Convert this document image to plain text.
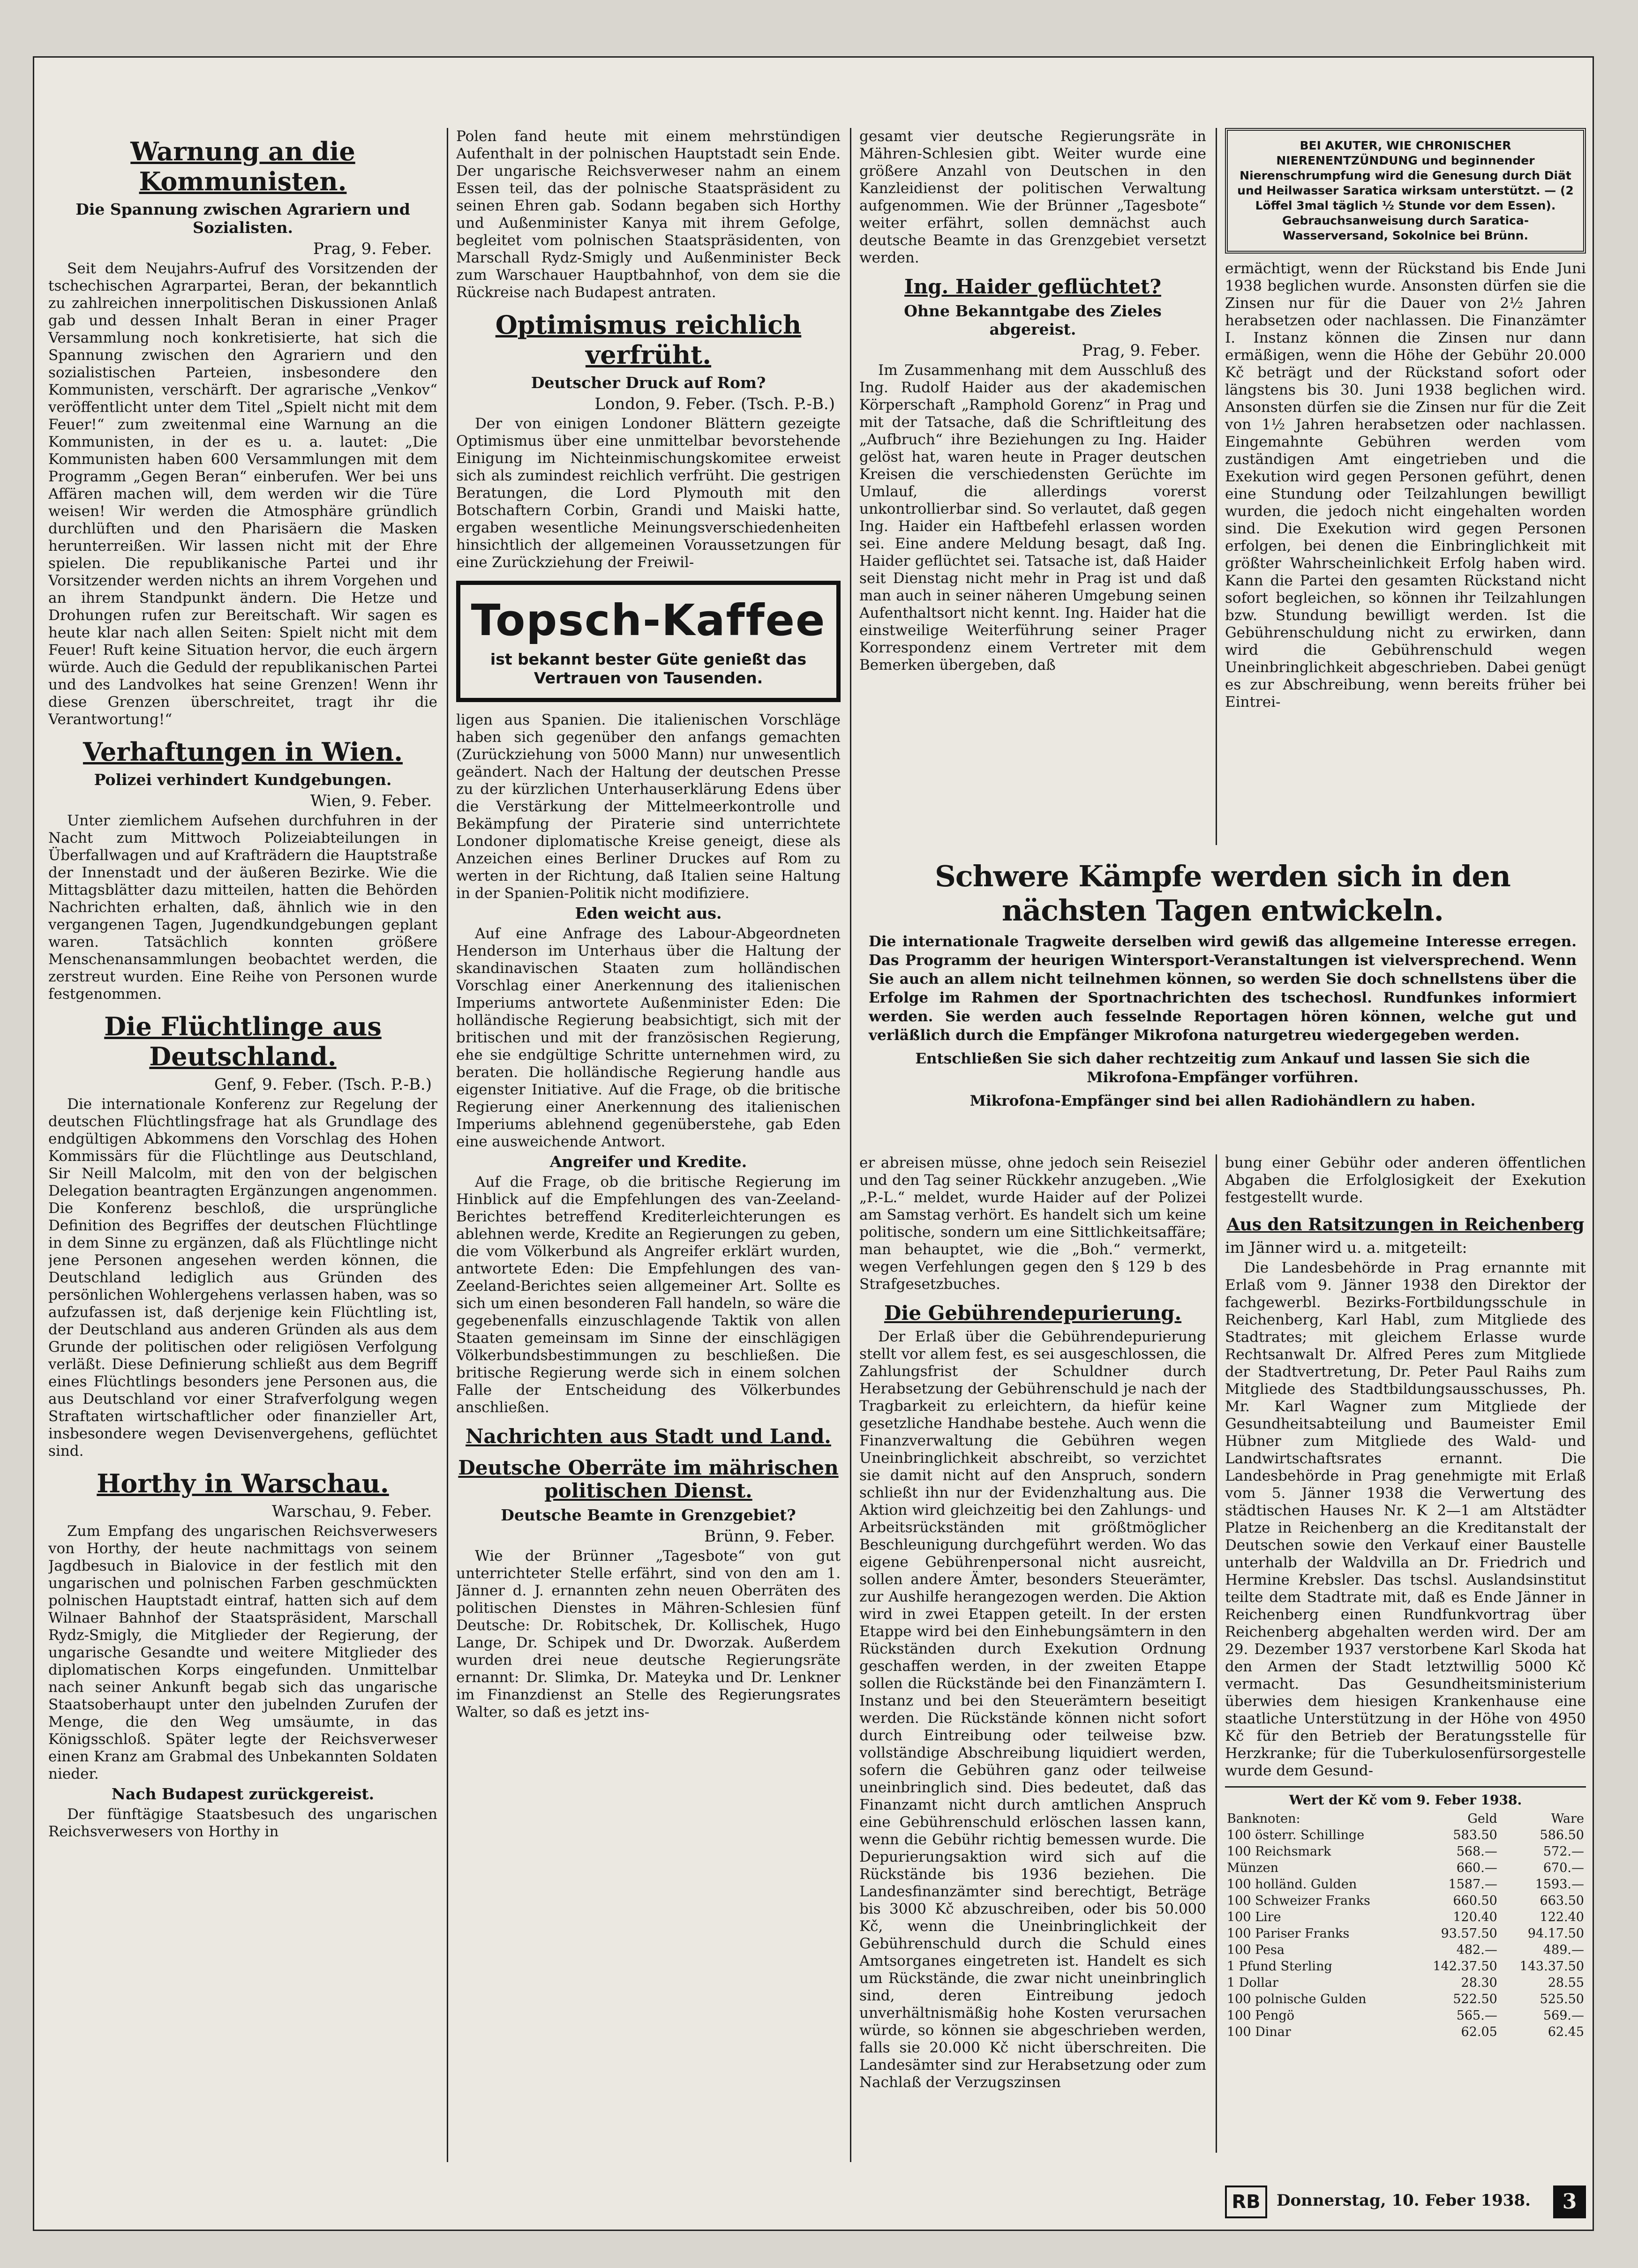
Warnung an die Kommunisten.
Die Spannung zwischen Agrariern und Sozialisten.
Prag, 9. Feber.

Seit dem Neujahrs-Aufruf des Vorsitzenden der tschechischen Agrarpartei, Beran, der bekanntlich zu zahlreichen innerpolitischen Diskussionen Anlaß gab und dessen Inhalt Beran in einer Prager Versammlung noch konkretisierte, hat sich die Spannung zwischen den Agrariern und den sozialistischen Parteien, insbesondere den Kommunisten, verschärft. Der agrarische „Venkov“ veröffentlicht unter dem Titel „Spielt nicht mit dem Feuer!“ zum zweitenmal eine Warnung an die Kommunisten, in der es u. a. lautet: „Die Kommunisten haben 600 Versammlungen mit dem Programm „Gegen Beran“ einberufen. Wer bei uns Affären machen will, dem werden wir die Türe weisen! Wir werden die Atmosphäre gründlich durchlüften und den Pharisäern die Masken herunterreißen. Wir lassen nicht mit der Ehre spielen. Die republikanische Partei und ihr Vorsitzender werden nichts an ihrem Vorgehen und an ihrem Standpunkt ändern. Die Hetze und Drohungen rufen zur Bereitschaft. Wir sagen es heute klar nach allen Seiten: Spielt nicht mit dem Feuer! Ruft keine Situation hervor, die euch ärgern würde. Auch die Geduld der republikanischen Partei und des Landvolkes hat seine Grenzen! Wenn ihr diese Grenzen überschreitet, tragt ihr die Verantwortung!“

Verhaftungen in Wien.
Polizei verhindert Kundgebungen.
Wien, 9. Feber.

Unter ziemlichem Aufsehen durchfuhren in der Nacht zum Mittwoch Polizeiabteilungen in Überfallwagen und auf Krafträdern die Hauptstraße der Innenstadt und der äußeren Bezirke. Wie die Mittagsblätter dazu mitteilen, hatten die Behörden Nachrichten erhalten, daß, ähnlich wie in den vergangenen Tagen, Jugendkundgebungen geplant waren. Tatsächlich konnten größere Menschenansammlungen beobachtet werden, die zerstreut wurden. Eine Reihe von Personen wurde festgenommen.

Die Flüchtlinge aus Deutschland.
Genf, 9. Feber. (Tsch. P.-B.)

Die internationale Konferenz zur Regelung der deutschen Flüchtlingsfrage hat als Grundlage des endgültigen Abkommens den Vorschlag des Hohen Kommissärs für die Flüchtlinge aus Deutschland, Sir Neill Malcolm, mit den von der belgischen Delegation beantragten Ergänzungen angenommen. Die Konferenz beschloß, die ursprüngliche Definition des Begriffes der deutschen Flüchtlinge in dem Sinne zu ergänzen, daß als Flüchtlinge nicht jene Personen angesehen werden können, die Deutschland lediglich aus Gründen des persönlichen Wohlergehens verlassen haben, was so aufzufassen ist, daß derjenige kein Flüchtling ist, der Deutschland aus anderen Gründen als aus dem Grunde der politischen oder religiösen Verfolgung verläßt. Diese Definierung schließt aus dem Begriff eines Flüchtlings besonders jene Personen aus, die aus Deutschland vor einer Strafverfolgung wegen Straftaten wirtschaftlicher oder finanzieller Art, insbesondere wegen Devisenvergehens, geflüchtet sind.

Horthy in Warschau.
Warschau, 9. Feber.

Zum Empfang des ungarischen Reichsverwesers von Horthy, der heute nachmittags von seinem Jagdbesuch in Bialovice in der festlich mit den ungarischen und polnischen Farben geschmückten polnischen Hauptstadt eintraf, hatten sich auf dem Wilnaer Bahnhof der Staatspräsident, Marschall Rydz-Smigly, die Mitglieder der Regierung, der ungarische Gesandte und weitere Mitglieder des diplomatischen Korps eingefunden. Unmittelbar nach seiner Ankunft begab sich das ungarische Staatsoberhaupt unter den jubelnden Zurufen der Menge, die den Weg umsäumte, in das Königsschloß. Später legte der Reichsverweser einen Kranz am Grabmal des Unbekannten Soldaten nieder.

Nach Budapest zurückgereist.

Der fünftägige Staatsbesuch des ungarischen Reichsverwesers von Horthy in

Polen fand heute mit einem mehrstündigen Aufenthalt in der polnischen Hauptstadt sein Ende. Der ungarische Reichsverweser nahm an einem Essen teil, das der polnische Staatspräsident zu seinen Ehren gab. Sodann begaben sich Horthy und Außenminister Kanya mit ihrem Gefolge, begleitet vom polnischen Staatspräsidenten, von Marschall Rydz-Smigly und Außenminister Beck zum Warschauer Hauptbahnhof, von dem sie die Rückreise nach Budapest antraten.

Optimismus reichlich verfrüht.
Deutscher Druck auf Rom?
London, 9. Feber. (Tsch. P.-B.)

Der von einigen Londoner Blättern gezeigte Optimismus über eine unmittelbar bevorstehende Einigung im Nichteinmischungskomitee erweist sich als zumindest reichlich verfrüht. Die gestrigen Beratungen, die Lord Plymouth mit den Botschaftern Corbin, Grandi und Maiski hatte, ergaben wesentliche Meinungsverschiedenheiten hinsichtlich der allgemeinen Voraussetzungen für eine Zurückziehung der Freiwil-

Topsch-Kaffee
ist bekannt bester Güte genießt das Vertrauen von Tausenden.

ligen aus Spanien. Die italienischen Vorschläge haben sich gegenüber den anfangs gemachten (Zurückziehung von 5000 Mann) nur unwesentlich geändert. Nach der Haltung der deutschen Presse zu der kürzlichen Unterhauserklärung Edens über die Verstärkung der Mittelmeerkontrolle und Bekämpfung der Piraterie sind unterrichtete Londoner diplomatische Kreise geneigt, diese als Anzeichen eines Berliner Druckes auf Rom zu werten in der Richtung, daß Italien seine Haltung in der Spanien-Politik nicht modifiziere.

Eden weicht aus.

Auf eine Anfrage des Labour-Abgeordneten Henderson im Unterhaus über die Haltung der skandinavischen Staaten zum holländischen Vorschlag einer Anerkennung des italienischen Imperiums antwortete Außenminister Eden: Die holländische Regierung beabsichtigt, sich mit der britischen und mit der französischen Regierung, ehe sie endgültige Schritte unternehmen wird, zu beraten. Die holländische Regierung handle aus eigenster Initiative. Auf die Frage, ob die britische Regierung einer Anerkennung des italienischen Imperiums ablehnend gegenüberstehe, gab Eden eine ausweichende Antwort.

Angreifer und Kredite.

Auf die Frage, ob die britische Regierung im Hinblick auf die Empfehlungen des van-Zeeland-Berichtes betreffend Krediterleichterungen es ablehnen werde, Kredite an Regierungen zu geben, die vom Völkerbund als Angreifer erklärt wurden, antwortete Eden: Die Empfehlungen des van-Zeeland-Berichtes seien allgemeiner Art. Sollte es sich um einen besonderen Fall handeln, so wäre die gegebenenfalls einzuschlagende Taktik von allen Staaten gemeinsam im Sinne der einschlägigen Völkerbundsbestimmungen zu beschließen. Die britische Regierung werde sich in einem solchen Falle der Entscheidung des Völkerbundes anschließen.

Nachrichten aus Stadt und Land.
Deutsche Oberräte im mährischen politischen Dienst.
Deutsche Beamte in Grenzgebiet?
Brünn, 9. Feber.

Wie der Brünner „Tagesbote“ von gut unterrichteter Stelle erfährt, sind von den am 1. Jänner d. J. ernannten zehn neuen Oberräten des politischen Dienstes in Mähren-Schlesien fünf Deutsche: Dr. Robitschek, Dr. Kollischek, Hugo Lange, Dr. Schipek und Dr. Dworzak. Außerdem wurden drei neue deutsche Regierungsräte ernannt: Dr. Slimka, Dr. Mateyka und Dr. Lenkner im Finanzdienst an Stelle des Regierungsrates Walter, so daß es jetzt ins-

gesamt vier deutsche Regierungsräte in Mähren-Schlesien gibt. Weiter wurde eine größere Anzahl von Deutschen in den Kanzleidienst der politischen Verwaltung aufgenommen. Wie der Brünner „Tagesbote“ weiter erfährt, sollen demnächst auch deutsche Beamte in das Grenzgebiet versetzt werden.

Ing. Haider geflüchtet?
Ohne Bekanntgabe des Zieles abgereist.
Prag, 9. Feber.

Im Zusammenhang mit dem Ausschluß des Ing. Rudolf Haider aus der akademischen Körperschaft „Ramphold Gorenz“ in Prag und mit der Tatsache, daß die Schriftleitung des „Aufbruch“ ihre Beziehungen zu Ing. Haider gelöst hat, waren heute in Prager deutschen Kreisen die verschiedensten Gerüchte im Umlauf, die allerdings vorerst unkontrollierbar sind. So verlautet, daß gegen Ing. Haider ein Haftbefehl erlassen worden sei. Eine andere Meldung besagt, daß Ing. Haider geflüchtet sei. Tatsache ist, daß Haider seit Dienstag nicht mehr in Prag ist und daß man auch in seiner näheren Umgebung seinen Aufenthaltsort nicht kennt. Ing. Haider hat die einstweilige Weiterführung seiner Prager Korrespondenz einem Vertreter mit dem Bemerken übergeben, daß

BEI AKUTER, WIE CHRONISCHER NIERENENTZÜNDUNG und beginnender Nierenschrumpfung wird die Genesung durch Diät und Heilwasser Saratica wirksam unterstützt. — (2 Löffel 3mal täglich ½ Stunde vor dem Essen). Gebrauchsanweisung durch Saratica-Wasserversand, Sokolnice bei Brünn.

ermächtigt, wenn der Rückstand bis Ende Juni 1938 beglichen wurde. Ansonsten dürfen sie die Zinsen nur für die Dauer von 2½ Jahren herabsetzen oder nachlassen. Die Finanzämter I. Instanz können die Zinsen nur dann ermäßigen, wenn die Höhe der Gebühr 20.000 Kč beträgt und der Rückstand sofort oder längstens bis 30. Juni 1938 beglichen wird. Ansonsten dürfen sie die Zinsen nur für die Zeit von 1½ Jahren herabsetzen oder nachlassen. Eingemahnte Gebühren werden vom zuständigen Amt eingetrieben und die Exekution wird gegen Personen geführt, denen eine Stundung oder Teilzahlungen bewilligt wurden, die jedoch nicht eingehalten worden sind. Die Exekution wird gegen Personen erfolgen, bei denen die Einbringlichkeit mit größter Wahrscheinlichkeit Erfolg haben wird. Kann die Partei den gesamten Rückstand nicht sofort begleichen, so können ihr Teilzahlungen bzw. Stundung bewilligt werden. Ist die Gebührenschuldung nicht zu erwirken, dann wird die Gebührenschuld wegen Uneinbringlichkeit abgeschrieben. Dabei genügt es zur Abschreibung, wenn bereits früher bei Eintrei-

Schwere Kämpfe werden sich in den nächsten Tagen entwickeln.

Die internationale Tragweite derselben wird gewiß das allgemeine Interesse erregen. Das Programm der heurigen Wintersport-Veranstaltungen ist vielversprechend. Wenn Sie auch an allem nicht teilnehmen können, so werden Sie doch schnellstens über die Erfolge im Rahmen der Sportnachrichten des tschechosl. Rundfunkes informiert werden. Sie werden auch fesselnde Reportagen hören können, welche gut und verläßlich durch die Empfänger Mikrofona naturgetreu wiedergegeben werden.

Entschließen Sie sich daher rechtzeitig zum Ankauf und lassen Sie sich die Mikrofona-Empfänger vorführen.

Mikrofona-Empfänger sind bei allen Radiohändlern zu haben.

er abreisen müsse, ohne jedoch sein Reiseziel und den Tag seiner Rückkehr anzugeben. „Wie „P.-L.“ meldet, wurde Haider auf der Polizei am Samstag verhört. Es handelt sich um keine politische, sondern um eine Sittlichkeitsaffäre; man behauptet, wie die „Boh.“ vermerkt, wegen Verfehlungen gegen den § 129 b des Strafgesetzbuches.

Die Gebührendepurierung.

Der Erlaß über die Gebührendepurierung stellt vor allem fest, es sei ausgeschlossen, die Zahlungsfrist der Schuldner durch Herabsetzung der Gebührenschuld je nach der Tragbarkeit zu erleichtern, da hiefür keine gesetzliche Handhabe bestehe. Auch wenn die Finanzverwaltung die Gebühren wegen Uneinbringlichkeit abschreibt, so verzichtet sie damit nicht auf den Anspruch, sondern schließt ihn nur der Evidenzhaltung aus. Die Aktion wird gleichzeitig bei den Zahlungs- und Arbeitsrückständen mit größtmöglicher Beschleunigung durchgeführt werden. Wo das eigene Gebührenpersonal nicht ausreicht, sollen andere Ämter, besonders Steuerämter, zur Aushilfe herangezogen werden. Die Aktion wird in zwei Etappen geteilt. In der ersten Etappe wird bei den Einhebungsämtern in den Rückständen durch Exekution Ordnung geschaffen werden, in der zweiten Etappe sollen die Rückstände bei den Finanzämtern I. Instanz und bei den Steuerämtern beseitigt werden. Die Rückstände können nicht sofort durch Eintreibung oder teilweise bzw. vollständige Abschreibung liquidiert werden, sofern die Gebühren ganz oder teilweise uneinbringlich sind. Dies bedeutet, daß das Finanzamt nicht durch amtlichen Anspruch eine Gebührenschuld erlöschen lassen kann, wenn die Gebühr richtig bemessen wurde. Die Depurierungsaktion wird sich auf die Rückstände bis 1936 beziehen. Die Landesfinanzämter sind berechtigt, Beträge bis 3000 Kč abzuschreiben, oder bis 50.000 Kč, wenn die Uneinbringlichkeit der Gebührenschuld durch die Schuld eines Amtsorganes eingetreten ist. Handelt es sich um Rückstände, die zwar nicht uneinbringlich sind, deren Eintreibung jedoch unverhältnismäßig hohe Kosten verursachen würde, so können sie abgeschrieben werden, falls sie 20.000 Kč nicht überschreiten. Die Landesämter sind zur Herabsetzung oder zum Nachlaß der Verzugszinsen

bung einer Gebühr oder anderen öffentlichen Abgaben die Erfolglosigkeit der Exekution festgestellt wurde.

Aus den Ratsitzungen in Reichenberg
im Jänner wird u. a. mitgeteilt:

Die Landesbehörde in Prag ernannte mit Erlaß vom 9. Jänner 1938 den Direktor der fachgewerbl. Bezirks-Fortbildungsschule in Reichenberg, Karl Habl, zum Mitgliede des Stadtrates; mit gleichem Erlasse wurde Rechtsanwalt Dr. Alfred Peres zum Mitgliede der Stadtvertretung, Dr. Peter Paul Raihs zum Mitgliede des Stadtbildungsausschusses, Ph. Mr. Karl Wagner zum Mitgliede der Gesundheitsabteilung und Baumeister Emil Hübner zum Mitgliede des Wald- und Landwirtschaftsrates ernannt. Die Landesbehörde in Prag genehmigte mit Erlaß vom 5. Jänner 1938 die Verwertung des städtischen Hauses Nr. K 2—1 am Altstädter Platze in Reichenberg an die Kreditanstalt der Deutschen sowie den Verkauf einer Baustelle unterhalb der Waldvilla an Dr. Friedrich und Hermine Krebsler. Das tschsl. Auslandsinstitut teilte dem Stadtrate mit, daß es Ende Jänner in Reichenberg einen Rundfunkvortrag über Reichenberg abgehalten werden wird. Der am 29. Dezember 1937 verstorbene Karl Skoda hat den Armen der Stadt letztwillig 5000 Kč vermacht. Das Gesundheitsministerium überwies dem hiesigen Krankenhause eine staatliche Unterstützung in der Höhe von 4950 Kč für den Betrieb der Beratungsstelle für Herzkranke; für die Tuberkulosenfürsorgestelle wurde dem Gesund-

Wert der Kč vom 9. Feber 1938.
Banknoten:	Geld	Ware
100 österr. Schillinge	583.50	586.50
100 Reichsmark	568.—	572.—
Münzen	660.—	670.—
100 holländ. Gulden	1587.—	1593.—
100 Schweizer Franks	660.50	663.50
100 Lire	120.40	122.40
100 Pariser Franks	93.57.50	94.17.50
100 Pesa	482.—	489.—
1 Pfund Sterling	142.37.50	143.37.50
1 Dollar	28.30	28.55
100 polnische Gulden	522.50	525.50
100 Pengö	565.—	569.—
100 Dinar	62.05	62.45
RB	Donnerstag, 10. Feber 1938.	3
